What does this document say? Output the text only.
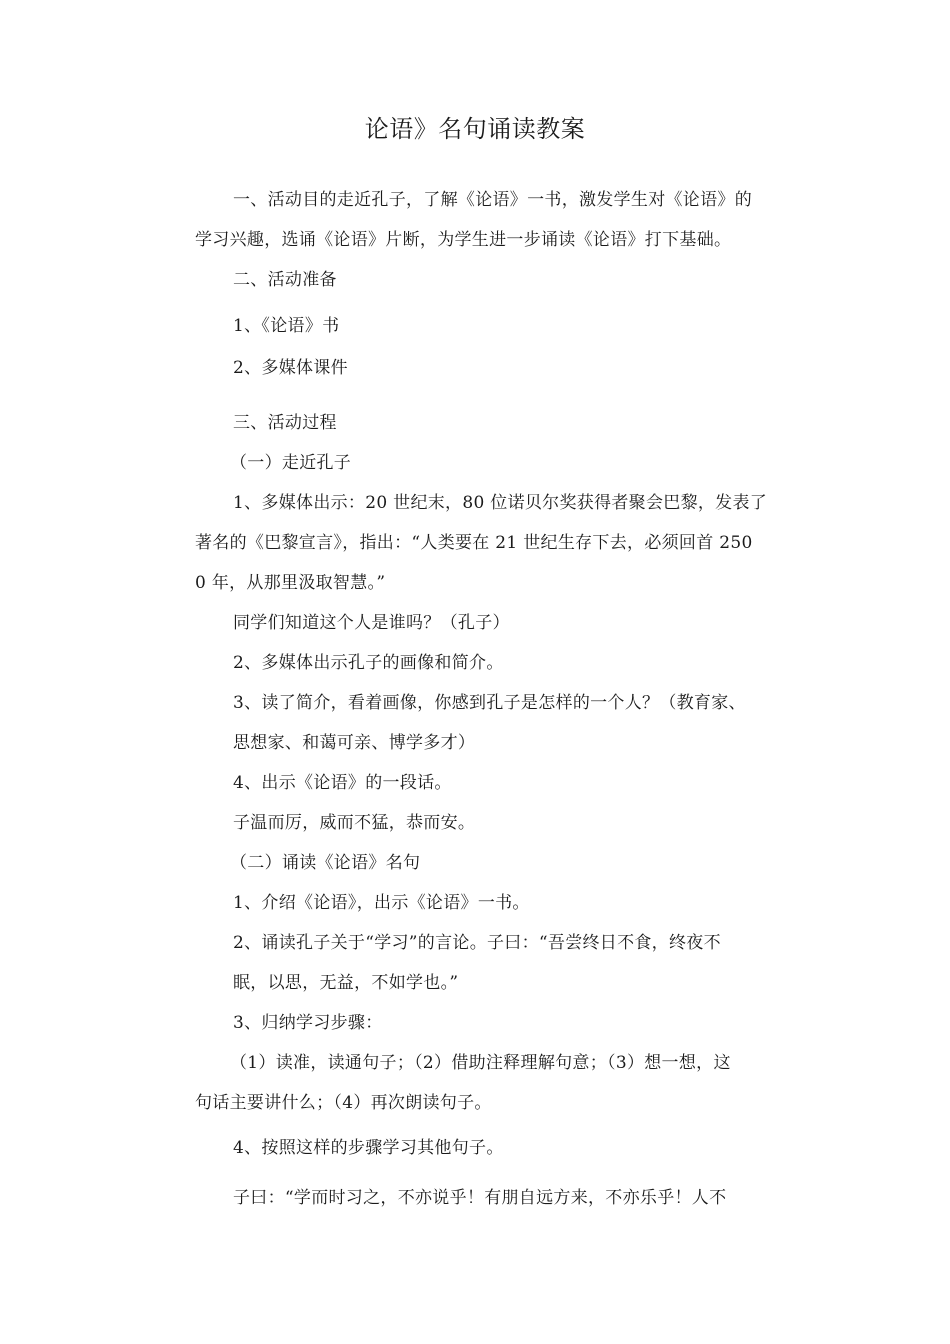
论语》名句诵读教案
一、活动目的走近孔子，了解《论语》一书，激发学生对《论语》的
学习兴趣，选诵《论语》片断，为学生进一步诵读《论语》打下基础。
二、活动准备
1、《论语》书
2、多媒体课件
三、活动过程
（一）走近孔子
1、多媒体出示：20 世纪末，80 位诺贝尔奖获得者聚会巴黎，发表了
著名的《巴黎宣言》，指出：“人类要在 21 世纪生存下去，必须回首 250
0 年，从那里汲取智慧。”
同学们知道这个人是谁吗？（孔子）
2、多媒体出示孔子的画像和简介。
3、读了简介，看着画像，你感到孔子是怎样的一个人？（教育家、
思想家、和蔼可亲、博学多才）
4、出示《论语》的一段话。
子温而厉，威而不猛，恭而安。
（二）诵读《论语》名句
1、介绍《论语》，出示《论语》一书。
2、诵读孔子关于“学习”的言论。子曰：“吾尝终日不食，终夜不
眠，以思，无益，不如学也。”
3、归纳学习步骤：
（1）读准，读通句子；（2）借助注释理解句意；（3）想一想，这
句话主要讲什么；（4）再次朗读句子。
4、按照这样的步骤学习其他句子。
子曰：“学而时习之，不亦说乎！有朋自远方来，不亦乐乎！人不
